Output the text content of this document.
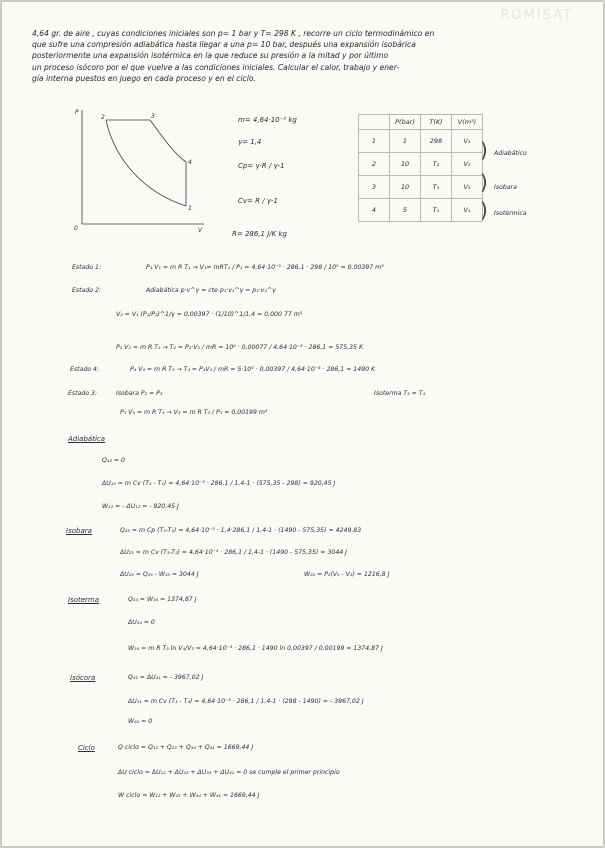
ROMISAT
4,64 gr. de aire , cuyas condiciones iniciales son p= 1 bar y T= 298 K , recorre un ciclo termodinámico en
que sufre una compresión adiabática hasta llegar a una p= 10 bar, después una expansión isobárica
posteriormente una expansión isotérmica en la que reduce su presión a la mitad y por último
un proceso isócoro por el que vuelve a las condiciones iniciales. Calcular el calor, trabajo y ener-
gía interna puestos en juego en cada proceso y en el ciclo.
P
V
0
2	3
4
1
m= 4,64·10⁻³ kg
γ= 1,4
Cp= γ·R / γ-1
Cv= R / γ-1
R= 286,1 J/K kg
	P(bar)	T(K)	V(m³)
1	1	298	V₁
2	10	T₂	V₂
3	10	T₃	V₃
4	5	T₃	V₄
)
)
)
Adiabático
Isobara
Isotérmica
Estado 1:	P₁ V₁ = m R T₁ → V₁= mRT₁ / P₁ = 4,64·10⁻³ · 286,1 · 298 / 10⁵ = 0,00397 m³
Estado 2:	Adiabática p·v^γ = cte p₁·v₁^γ = p₂·v₂^γ
V₂ = V₁ (P₁/P₂)^1/γ = 0,00397 · (1/10)^1/1,4 = 0,000 77 m³
P₂ V₂ = m R T₂ → T₂ = P₂·V₂ / mR = 10⁶ · 0,00077 / 4,64·10⁻³ · 286,1 = 575,35 K
Estado 4:	P₄ V₄ = m R T₄ → T₄ = P₄V₄ / mR = 5·10⁵ · 0,00397 / 4,64·10⁻³ · 286,1 = 1490 K
Estado 3:	Isobara P₂ = P₃	Isoterma T₃ = T₄
P₃ V₃ = m R T₃ → V₃ = m R T₃ / P₃ = 0,00199 m³
Adiabática
Q₁₂ = 0
ΔU₁₂ = m Cv (T₂ - T₁) = 4,64·10⁻³ · 286,1 / 1,4-1 · (575,35 - 298) = 920,45 J
W₁₂ = - ΔU₁₂ = - 920,45 J
Isobara	Q₂₃ = m Cp (T₃-T₂) = 4,64·10⁻³ · 1,4·286,1 / 1,4-1 · (1490 - 575,35) = 4249,83
ΔU₂₃ = m Cv (T₃-T₂) = 4,64·10⁻³ · 286,1 / 1,4-1 · (1490 - 575,35) = 3044 J
ΔU₂₃ = Q₂₃ - W₂₃ = 3044 J	W₂₃ = P₂(V₃ - V₂) = 1216,8 J
Isoterma	Q₃₄ = W₃₄ = 1374,87 J
ΔU₃₄ = 0
W₃₄ = m R T₃ ln V₄/V₃ = 4,64·10⁻³ · 286,1 · 1490 ln 0,00397 / 0,00199 = 1374,87 J
Isócora	Q₄₁ = ΔU₄₁ = - 3967,02 J
ΔU₄₁ = m Cv (T₁ - T₄) = 4,64·10⁻³ · 286,1 / 1,4-1 · (298 - 1490) = - 3967,02 J
W₄₁ = 0
Ciclo	Q ciclo = Q₁₂ + Q₂₃ + Q₃₄ + Q₄₁ = 1669,44 J
ΔU ciclo = ΔU₁₂ + ΔU₂₃ + ΔU₃₄ + ΔU₄₁ = 0 se cumple el primer principio
W ciclo = W₁₂ + W₂₃ + W₃₄ + W₄₁ = 1669,44 J
